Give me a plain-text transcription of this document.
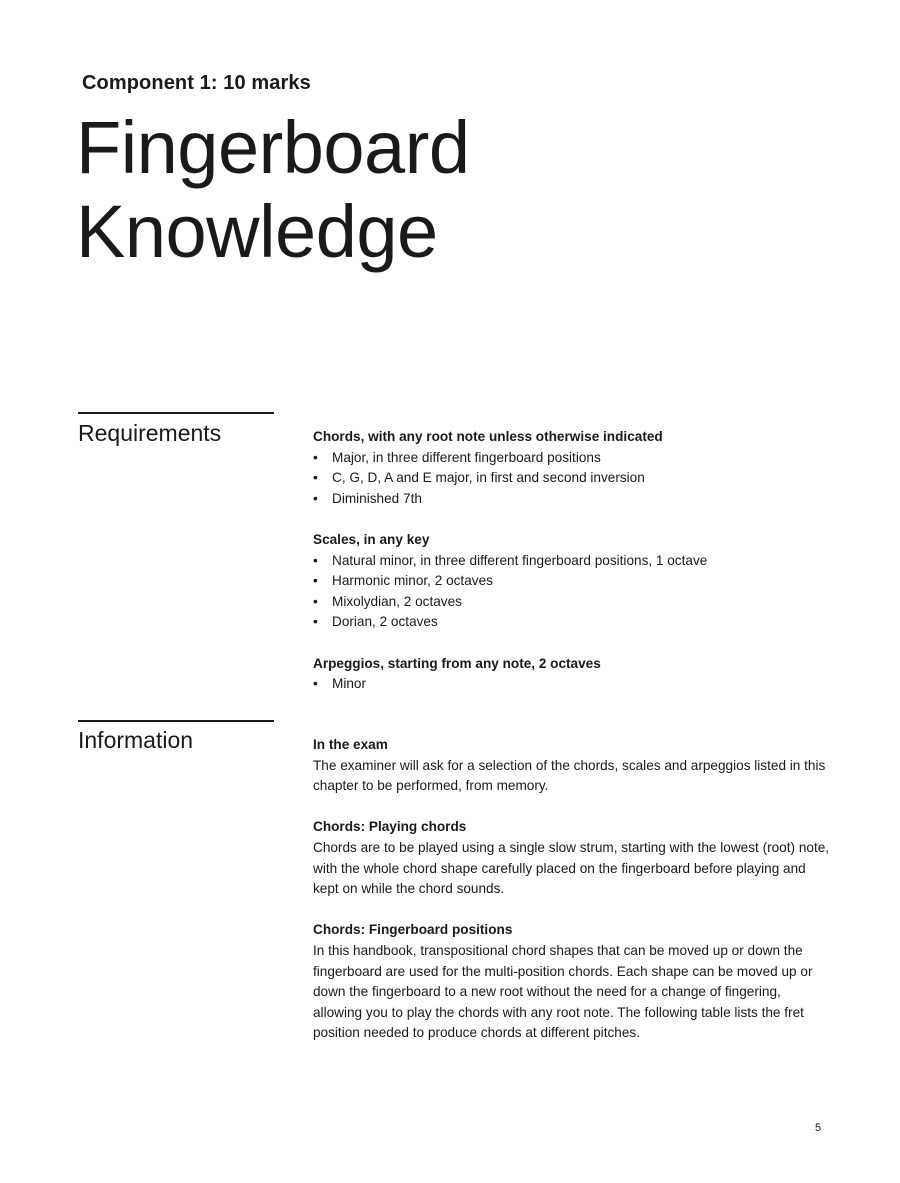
Component 1: 10 marks
Fingerboard
Knowledge
Requirements	Chords, with any root note unless otherwise indicated
• Major, in three different fingerboard positions
• C, G, D, A and E major, in first and second inversion
• Diminished 7th
Scales, in any key
• Natural minor, in three different fingerboard positions, 1 octave
• Harmonic minor, 2 octaves
• Mixolydian, 2 octaves
• Dorian, 2 octaves
Arpeggios, starting from any note, 2 octaves
• Minor
Information	In the exam

The examiner will ask for a selection of the chords, scales and arpeggios listed in this chapter to be performed, from memory.

Chords: Playing chords

Chords are to be played using a single slow strum, starting with the lowest (root) note, with the whole chord shape carefully placed on the fingerboard before playing and kept on while the chord sounds.

Chords: Fingerboard positions

In this handbook, transpositional chord shapes that can be moved up or down the fingerboard are used for the multi-position chords. Each shape can be moved up or down the fingerboard to a new root without the need for a change of fingering, allowing you to play the chords with any root note. The following table lists the fret position needed to produce chords at different pitches.

5
